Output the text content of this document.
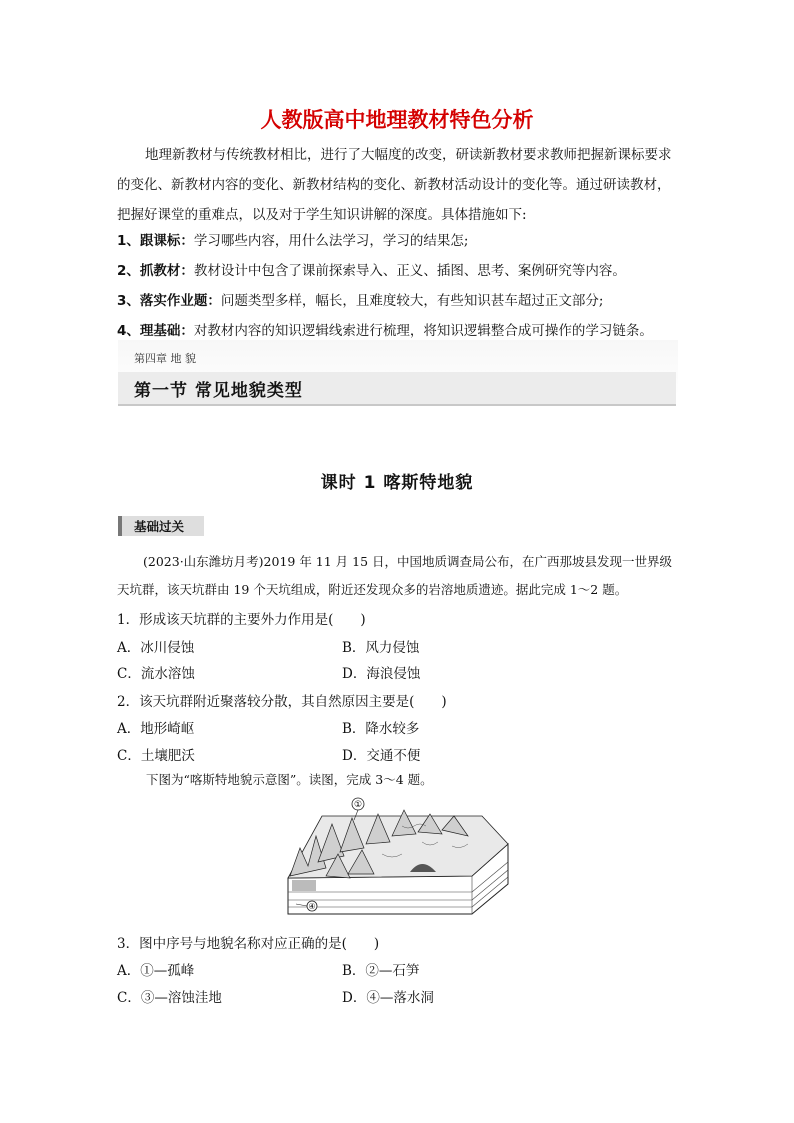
人教版高中地理教材特色分析
地理新教材与传统教材相比，进行了大幅度的改变，研读新教材要求教师把握新课标要求的变化、新教材内容的变化、新教材结构的变化、新教材活动设计的变化等。通过研读教材，把握好课堂的重难点，以及对于学生知识讲解的深度。具体措施如下:
1、跟课标：学习哪些内容，用什么法学习，学习的结果怎;
2、抓教材：教材设计中包含了课前探索导入、正义、插图、思考、案例研究等内容。
3、落实作业题：问题类型多样，幅长，且难度较大，有些知识甚车超过正文部分;
4、理基础：对教材内容的知识逻辑线索进行梳理，将知识逻辑整合成可操作的学习链条。
第四章 地 貌
第一节 常见地貌类型
课时 1 喀斯特地貌
基础过关
(2023·山东潍坊月考)2019 年 11 月 15 日，中国地质调查局公布，在广西那坡县发现一世界级天坑群，该天坑群由 19 个天坑组成，附近还发现众多的岩溶地质遗迹。据此完成 1～2 题。
1．形成该天坑群的主要外力作用是(　　)
A．冰川侵蚀	B．风力侵蚀
C．流水溶蚀	D．海浪侵蚀
2．该天坑群附近聚落较分散，其自然原因主要是(　　)
A．地形崎岖	B．降水较多
C．土壤肥沃	D．交通不便
下图为“喀斯特地貌示意图”。读图，完成 3～4 题。
①
④
3．图中序号与地貌名称对应正确的是(　　)
A．①—孤峰	B．②—石笋
C．③—溶蚀洼地	D．④—落水洞
